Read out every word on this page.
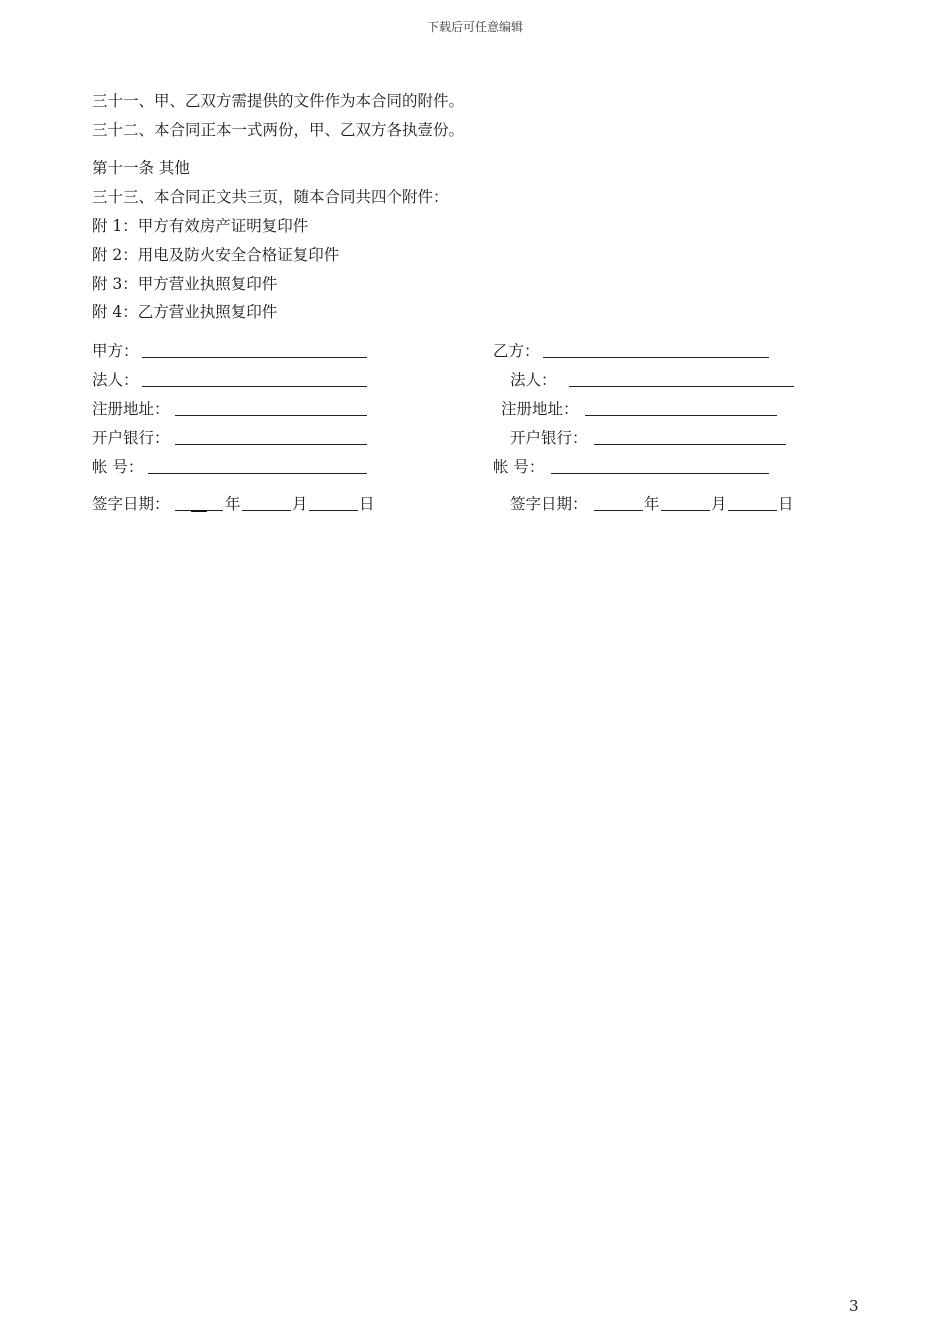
下载后可任意编辑
三十一、甲、乙双方需提供的文件作为本合同的附件。
三十二、本合同正本一式两份，甲、乙双方各执壹份。
第十一条 其他
三十三、本合同正文共三页，随本合同共四个附件：
附 1：甲方有效房产证明复印件
附 2：用电及防火安全合格证复印件
附 3：甲方营业执照复印件
附 4：乙方营业执照复印件
甲方：
法人：
注册地址：
开户银行：
帐 号：
签字日期：	年	月	日
乙方：
法人：
注册地址：
开户银行：
帐 号：
签字日期：	年	月	日
3
